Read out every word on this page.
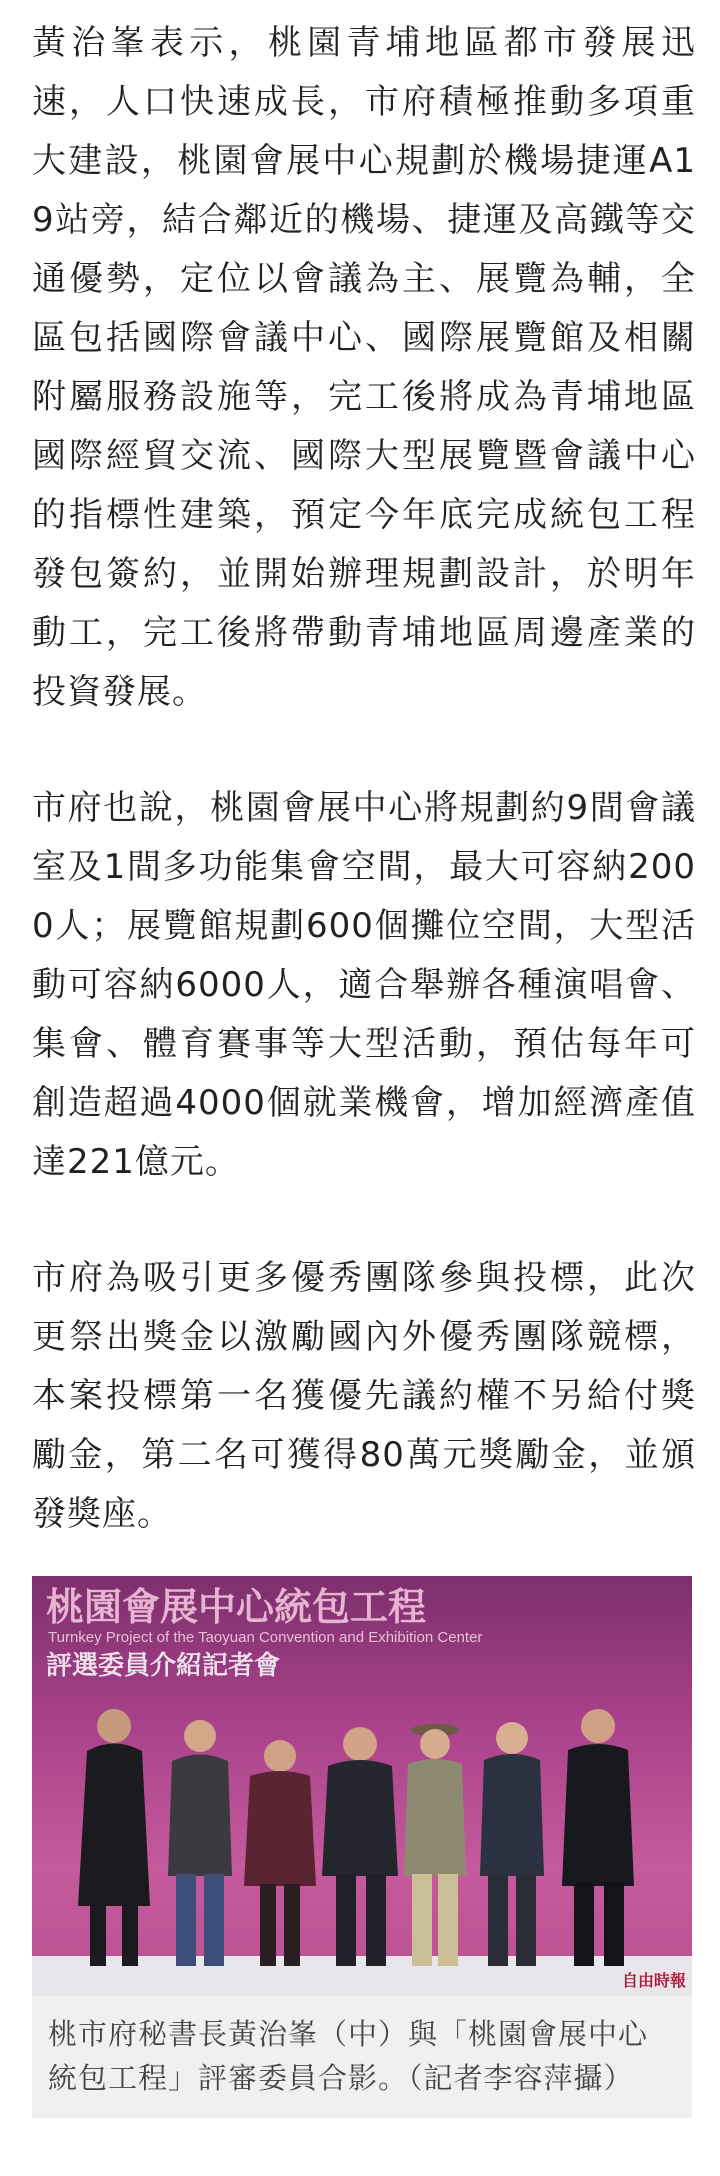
黃治峯表示，桃園青埔地區都市發展迅速，人口快速成長，市府積極推動多項重大建設，桃園會展中心規劃於機場捷運A19站旁，結合鄰近的機場、捷運及高鐵等交通優勢，定位以會議為主、展覽為輔，全區包括國際會議中心、國際展覽館及相關附屬服務設施等，完工後將成為青埔地區國際經貿交流、國際大型展覽暨會議中心的指標性建築，預定今年底完成統包工程發包簽約，並開始辦理規劃設計，於明年動工，完工後將帶動青埔地區周邊產業的投資發展。

市府也說，桃園會展中心將規劃約9間會議室及1間多功能集會空間，最大可容納2000人；展覽館規劃600個攤位空間，大型活動可容納6000人，適合舉辦各種演唱會、集會、體育賽事等大型活動，預估每年可創造超過4000個就業機會，增加經濟產值達221億元。

市府為吸引更多優秀團隊參與投標，此次更祭出獎金以激勵國內外優秀團隊競標，本案投標第一名獲優先議約權不另給付獎勵金，第二名可獲得80萬元獎勵金，並頒發獎座。

桃園會展中心統包工程
Turnkey Project of the Taoyuan Convention and Exhibition Center
評選委員介紹記者會
自由時報
桃市府秘書長黃治峯（中）與「桃園會展中心統包工程」評審委員合影。（記者李容萍攝）
